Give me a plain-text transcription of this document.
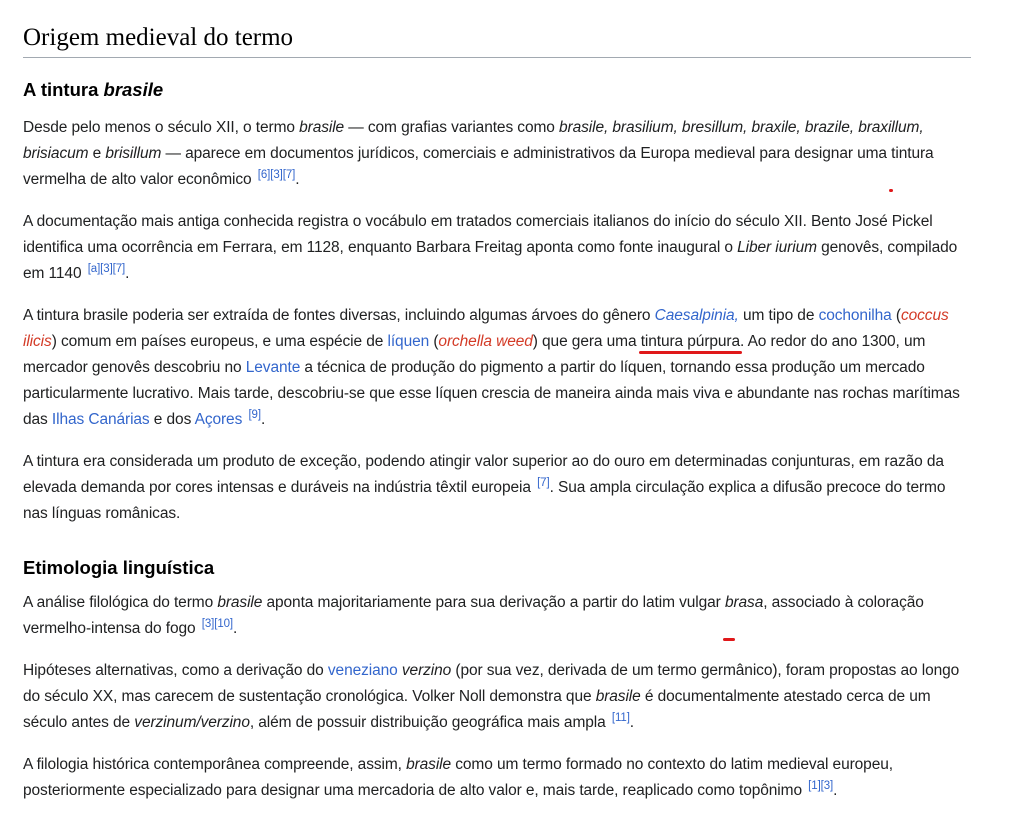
Origem medieval do termo
A tintura brasile

Desde pelo menos o século XII, o termo brasile — com grafias variantes como brasile, brasilium, bresillum, braxile, brazile, braxillum, brisiacum e brisillum — aparece em documentos jurídicos, comerciais e administrativos da Europa medieval para designar uma tintura vermelha de alto valor econômico [6][3][7].

A documentação mais antiga conhecida registra o vocábulo em tratados comerciais italianos do início do século XII. Bento José Pickel identifica uma ocorrência em Ferrara, em 1128, enquanto Barbara Freitag aponta como fonte inaugural o Liber iurium genovês, compilado em 1140 [a][3][7].

A tintura brasile poderia ser extraída de fontes diversas, incluindo algumas árvoes do gênero Caesalpinia, um tipo de cochonilha (coccus ilicis) comum em países europeus, e uma espécie de líquen (orchella weed) que gera uma tintura púrpura. Ao redor do ano 1300, um mercador genovês descobriu no Levante a técnica de produção do pigmento a partir do líquen, tornando essa produção um mercado particularmente lucrativo. Mais tarde, descobriu-se que esse líquen crescia de maneira ainda mais viva e abundante nas rochas marítimas das Ilhas Canárias e dos Açores [9].

A tintura era considerada um produto de exceção, podendo atingir valor superior ao do ouro em determinadas conjunturas, em razão da elevada demanda por cores intensas e duráveis na indústria têxtil europeia [7]. Sua ampla circulação explica a difusão precoce do termo nas línguas românicas.

Etimologia linguística

A análise filológica do termo brasile aponta majoritariamente para sua derivação a partir do latim vulgar brasa, associado à coloração vermelho-intensa do fogo [3][10].

Hipóteses alternativas, como a derivação do veneziano verzino (por sua vez, derivada de um termo germânico), foram propostas ao longo do século XX, mas carecem de sustentação cronológica. Volker Noll demonstra que brasile é documentalmente atestado cerca de um século antes de verzinum/verzino, além de possuir distribuição geográfica mais ampla [11].

A filologia histórica contemporânea compreende, assim, brasile como um termo formado no contexto do latim medieval europeu, posteriormente especializado para designar uma mercadoria de alto valor e, mais tarde, reaplicado como topônimo [1][3].
